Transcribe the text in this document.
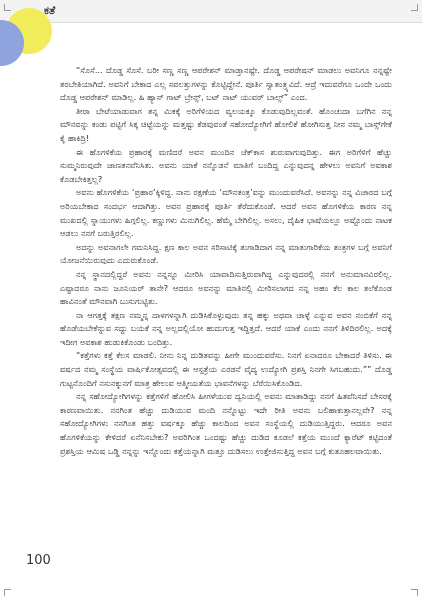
ಕತೆ

“ಸೊಸೆ... ದೊಡ್ಡ ಸೊಸೆ. ಬರೀ ಸಣ್ಣ ಸಣ್ಣ ಆಪರೇಶನ್ ಮಾಡ್ತಾನಷ್ಟೇ. ದೊಡ್ಡ ಆಪರೇಷನ್ ಮಾಡಲು ಅವನಿಗೂ ನನ್ನಷ್ಟೇ ತರಬೇತಿಯಾಗಿದೆ. ಅವನಿಗೆ ಬೇಕಾದ ಎಲ್ಲ ಸವಲತ್ತುಗಳನ್ನು ಕೊಟ್ಟಿದ್ದೇನೆ. ಪೂರ್ತಿ ಸ್ವಾತಂತ್ರ್ಯವಿದೆ. ಆದ್ರೆ ಇದುವರೆಗೂ ಒಂದೇ ಒಂದು ದೊಡ್ಡ ಆಪರೇಶನ್ ಮಾಡಿಲ್ಲ. ಹಿ ಹ್ಯಾಸ್ ಗಾಟ್ ಬ್ರೇನ್ಸ್, ಬಟ್ ನಾಟ್ ಯುವರ್ ಬಾಲ್ಸ್” ಎಂದ.

ತೀರಾ ಬೇಟೆಯಾಡುವಾಗ ತನ್ನ ಮಿಕಕ್ಕೆ ಅರಿಗೆಳಿಯದ ವ್ಯಲಯಕ್ಕೂ ಕೊಡುವುದಿಲ್ಲವಂತೆ. ಹೊಂಚುದಾ ಬಗೆಗಿನ ನನ್ನ ಮೌನವನ್ನು ಕಂಡು ಪಟ್ಟಿಗೆ ಸಿಕ್ಕ ಚಿಟ್ಟೆಯನ್ನು ಮತ್ತಷ್ಟು ಕೆಡವುವಂತೆ ಸಹೋದ್ಯೋಗಿಗೆ ಹೋಲಿಕೆ ಹೋಗಿಸುತ್ತ ನೀನ ನಮ್ಮ ಬಾಸ್ಸ್‌ಗೇಕೆ ಕೈ ಹಾಕಿದ್ರಿ!

ಈ ಹೊಗಳಿಕೆಯ ಪ್ರಹಾರಕ್ಕೆ ಮಣಿದರೆ ಅವನ ಮುಂದಿನ ಚೆಕ್‌ಕಾಸ ಶುರುವಾಗುವುದಿತ್ತು. ಈಗ ಅರಿಗೆಳಿಗೆ ಹೆಚ್ಚು ಸುಮ್ಮನಿರುವುದೇ ಜಾಣತನವೆನಿಸಿತು. ಅವನು ಯಾಕೆ ನನ್ನೊಡನೆ ಮಾತಿಗೆ ಬಂದಿದ್ದ ಎನ್ನುವುದನ್ನ ಹೇಳಲು ಅವನಿಗೆ ಅವಕಾಶ ಕೊಡಬೇಕಿತ್ತಲ್ಲ?

ಅವನು ಹೊಗಳಿಕೆಯ ‘ಪ್ರಹಾರ’ಕ್ಕಿಳಿದ್ದ. ನಾನು ರಕ್ಷಣೆಯ ‘ಮೌನತಂತ್ರ’ವನ್ನು ಮುಂದುವರೆಸಿದೆ. ಅವನನ್ನು ನನ್ನ ವಿಚಾರದ ಬಗ್ಗೆ ಅರಿಯಬೇಕಾದ ಸಂದರ್ಭ ಆದಾಗಿತ್ತು. ಅವನ ಪ್ರಹಾರಕ್ಕೆ ಪೂರ್ತಿ ತೆರೆದುಕೊಂಡೆ. ಆದರೆ ಅವನ ಹೊಗಳಿಕೆಯ ಕಾರಣ ನನ್ನ ಮುಖದಲ್ಲಿ ಸ್ನಾಯುಗಳು ಹಿಗ್ಗಲಿಲ್ಲ. ಕಣ್ಣುಗಳು ಮಿನುಗಿಲಿಲ್ಲ. ಹೆಮ್ಮೆ ಬೇಗಿಲಿಲ್ಲ. ಅಸಲು, ದೈಹಿಕ ಭಾಷೆಯಲ್ಲೂ ಅಷ್ಟೊಂದು ನಾಟಕ ಆಡಲು ನನಗೆ ಬರುತ್ತಿರಲಿಲ್ಲ.

ಅದನ್ನು ಅವನಾಗಲೇ ಗಮನಿಸಿದ್ದ. ಕ್ಷಣ ಕಾಲ ಅವನ ಸರಿಸಾಟಿಕ್ಕೆ ತುಗಾಡಿದಾಗ ನನ್ನ ಮಾತುಗಾರಿಕೆಯ ತಂತ್ರಗಳ ಬಗ್ಗೆ ಅವನಿಗೆ ಯೋಜನೆಯಿರುವುದು ಎದುರುಕೊಂಡೆ.

ನನ್ನ ಸ್ಥಾನದಲ್ಲಿದ್ದರೆ ಅವನು ನನ್ನನ್ನೂ ಮೀರಿಸಿ ಯಾವಾದಿಸುತ್ತಿರುವಾಗಿದ್ದ ಎನ್ನುವುದರಲ್ಲಿ ನನಗೆ ಅನುಮಾನವಿರಲಿಲ್ಲ. ಎಷ್ಟಾದರೂ ನಾನು ಜೂನಿಯರ್ ತಾನೇ? ಆದರೂ ಅವನನ್ನು ಮಾತಿನಲ್ಲಿ ಮೀರಿಸಲಾಗದ ನನ್ನ ಅಹಂ ಕೆಲ ಕಾಲ ತಲೆಕೊಂಡ ಹಾವಿನಂತೆ ಮೌನವಾಗಿ ಬುಸುಗುಟ್ಟಿತು.

ನಾ ಆಗತ್ತಕ್ಕೆ ತಕ್ಷಣ ನಮ್ಮನ್ನ ದಾಳಗಳನ್ನಾಗಿ ದುಡಿಸಿಕೊಳ್ಳುವುದು ತನ್ನ ಹಕ್ಕು ಅಥವಾ ಚಾಳ್ಳೆ ಎನ್ನುವ ಅವನ ನಂಬಿಕೆಗೆ ನನ್ನ ಹೊಡೆಯಬೇಕೆನ್ನುವ ಸದ್ದು ಬಯಕೆ ನನ್ನ ಅಲ್ಲದಲ್ಲಿಯೋ ಹುದುಗುತ್ತ ಇದ್ದಿತ್ತದೆ. ಆದರೆ ಯಾಕೆ ಎಂದು ನನಗೆ ತಿಳಿದಿರಲಿಲ್ಲ. ಅದಕ್ಕೆ ಇದೀಗ ಅವಕಾಶ ಹುಡುಕಿಕೊಂಡು ಬಂದಿತ್ತು.

“ಕತ್ತೆಗಳು ಕತ್ತೆ ಕೆಲಸ ಮಾಡಲಿ. ನೀನು ನಿನ್ನ ದುಡಿತವನ್ನು ಹೀಗೇ ಮುಂದುವರೆಸು. ನಿನಗೆ ಏನಾದರೂ ಬೇಕಾದರೆ ತಿಳಿಸು. ಈ ವರ್ಷದ ನಮ್ಮ ಸಂಸ್ಥೆಯ ವಾರ್ಷಿಕೋತ್ಸವದಲ್ಲಿ ಈ ಆಸ್ಪತ್ರೆಯ ಎರಡನೆ ವೈದ್ಯ ಉದ್ಯೋಗಿ ಪ್ರಶಸ್ತಿ ನಿನಗೇ ಸಿಗಬಹುದು.”” ದೊಡ್ಡ ಗುಟ್ಟನೊಂದಿಗೆ ನಸುನಕ್ಕುನಗೆ ಮಾತ್ರ ಹೇಲುವ ಆತ್ಮೀಯತೆಯ ಭಾವನೆಗಳನ್ನು ಬೆರೆಯಿಸಿಕೊಂಡಿದ.

ನನ್ನ ಸಹೋದ್ಯೋಗಿಗಳನ್ನು ಕತ್ತೆಗಳಿಗೆ ಹೋಲಿಸಿ ಹೀಗಳೆಯುವ ದ್ವನಿಯಲ್ಲಿ ಅವನು ಮಾತಾಡಿದ್ದು ನನಗೆ ಹಿತವೆನಿಸದೆ ಬೇಸರಕ್ಕೆ ಕಾರಣವಾಯಿತು. ನನಗಿಂತ ಹೆಚ್ಚು ದುಡಿಯುವ ಮಂದಿ ನನ್ನೊಟ್ಟು ಇದೇ ರೀತಿ ಅವನು ಬಲಿಹಾಕುತ್ತಾನಲ್ಲವೇ? ನನ್ನ ಸಹೋದ್ಯೋಗಿಗಳು ನನಗಿಂತ ಹತ್ತು ವರ್ಷಕ್ಕೂ ಹೆಚ್ಚು ಕಾಲದಿಂದ ಅವನ ಸಂಸ್ಥೆಯಲ್ಲಿ ದುಡಿಯುತ್ತಿದ್ದರು. ಆದರೂ ಅವನ ಹೊಗಳಿಕೆಯನ್ನು ಕೇಳಿದರೆ ಏನೆನಿಸಬೇಕು? ಅವರಿಗಿಂತ ಒಂದಷ್ಟು ಹೆಚ್ಚು ದುಡಿದ ಕೂಡಲೆ ಕತ್ತೆಯ ಮುಂದೆ ಕ್ಯಾರೆಟ್ ಕಟ್ಟಿದಂತೆ ಪ್ರಶಸ್ತಿಯ ಆಮಿಷ ಒಡ್ಡಿ ನನ್ನನ್ನು ಇನ್ನೊಂದು ಕತ್ತೆಯನ್ನಾಗಿ ಮತ್ತೂ ದುಡಿಸಲು ಉತ್ತೇಜಿಸುತ್ತಿದ್ದ ಅವನ ಬಗ್ಗೆ ಕುತೂಹಲವಾಯಿತು.

100
